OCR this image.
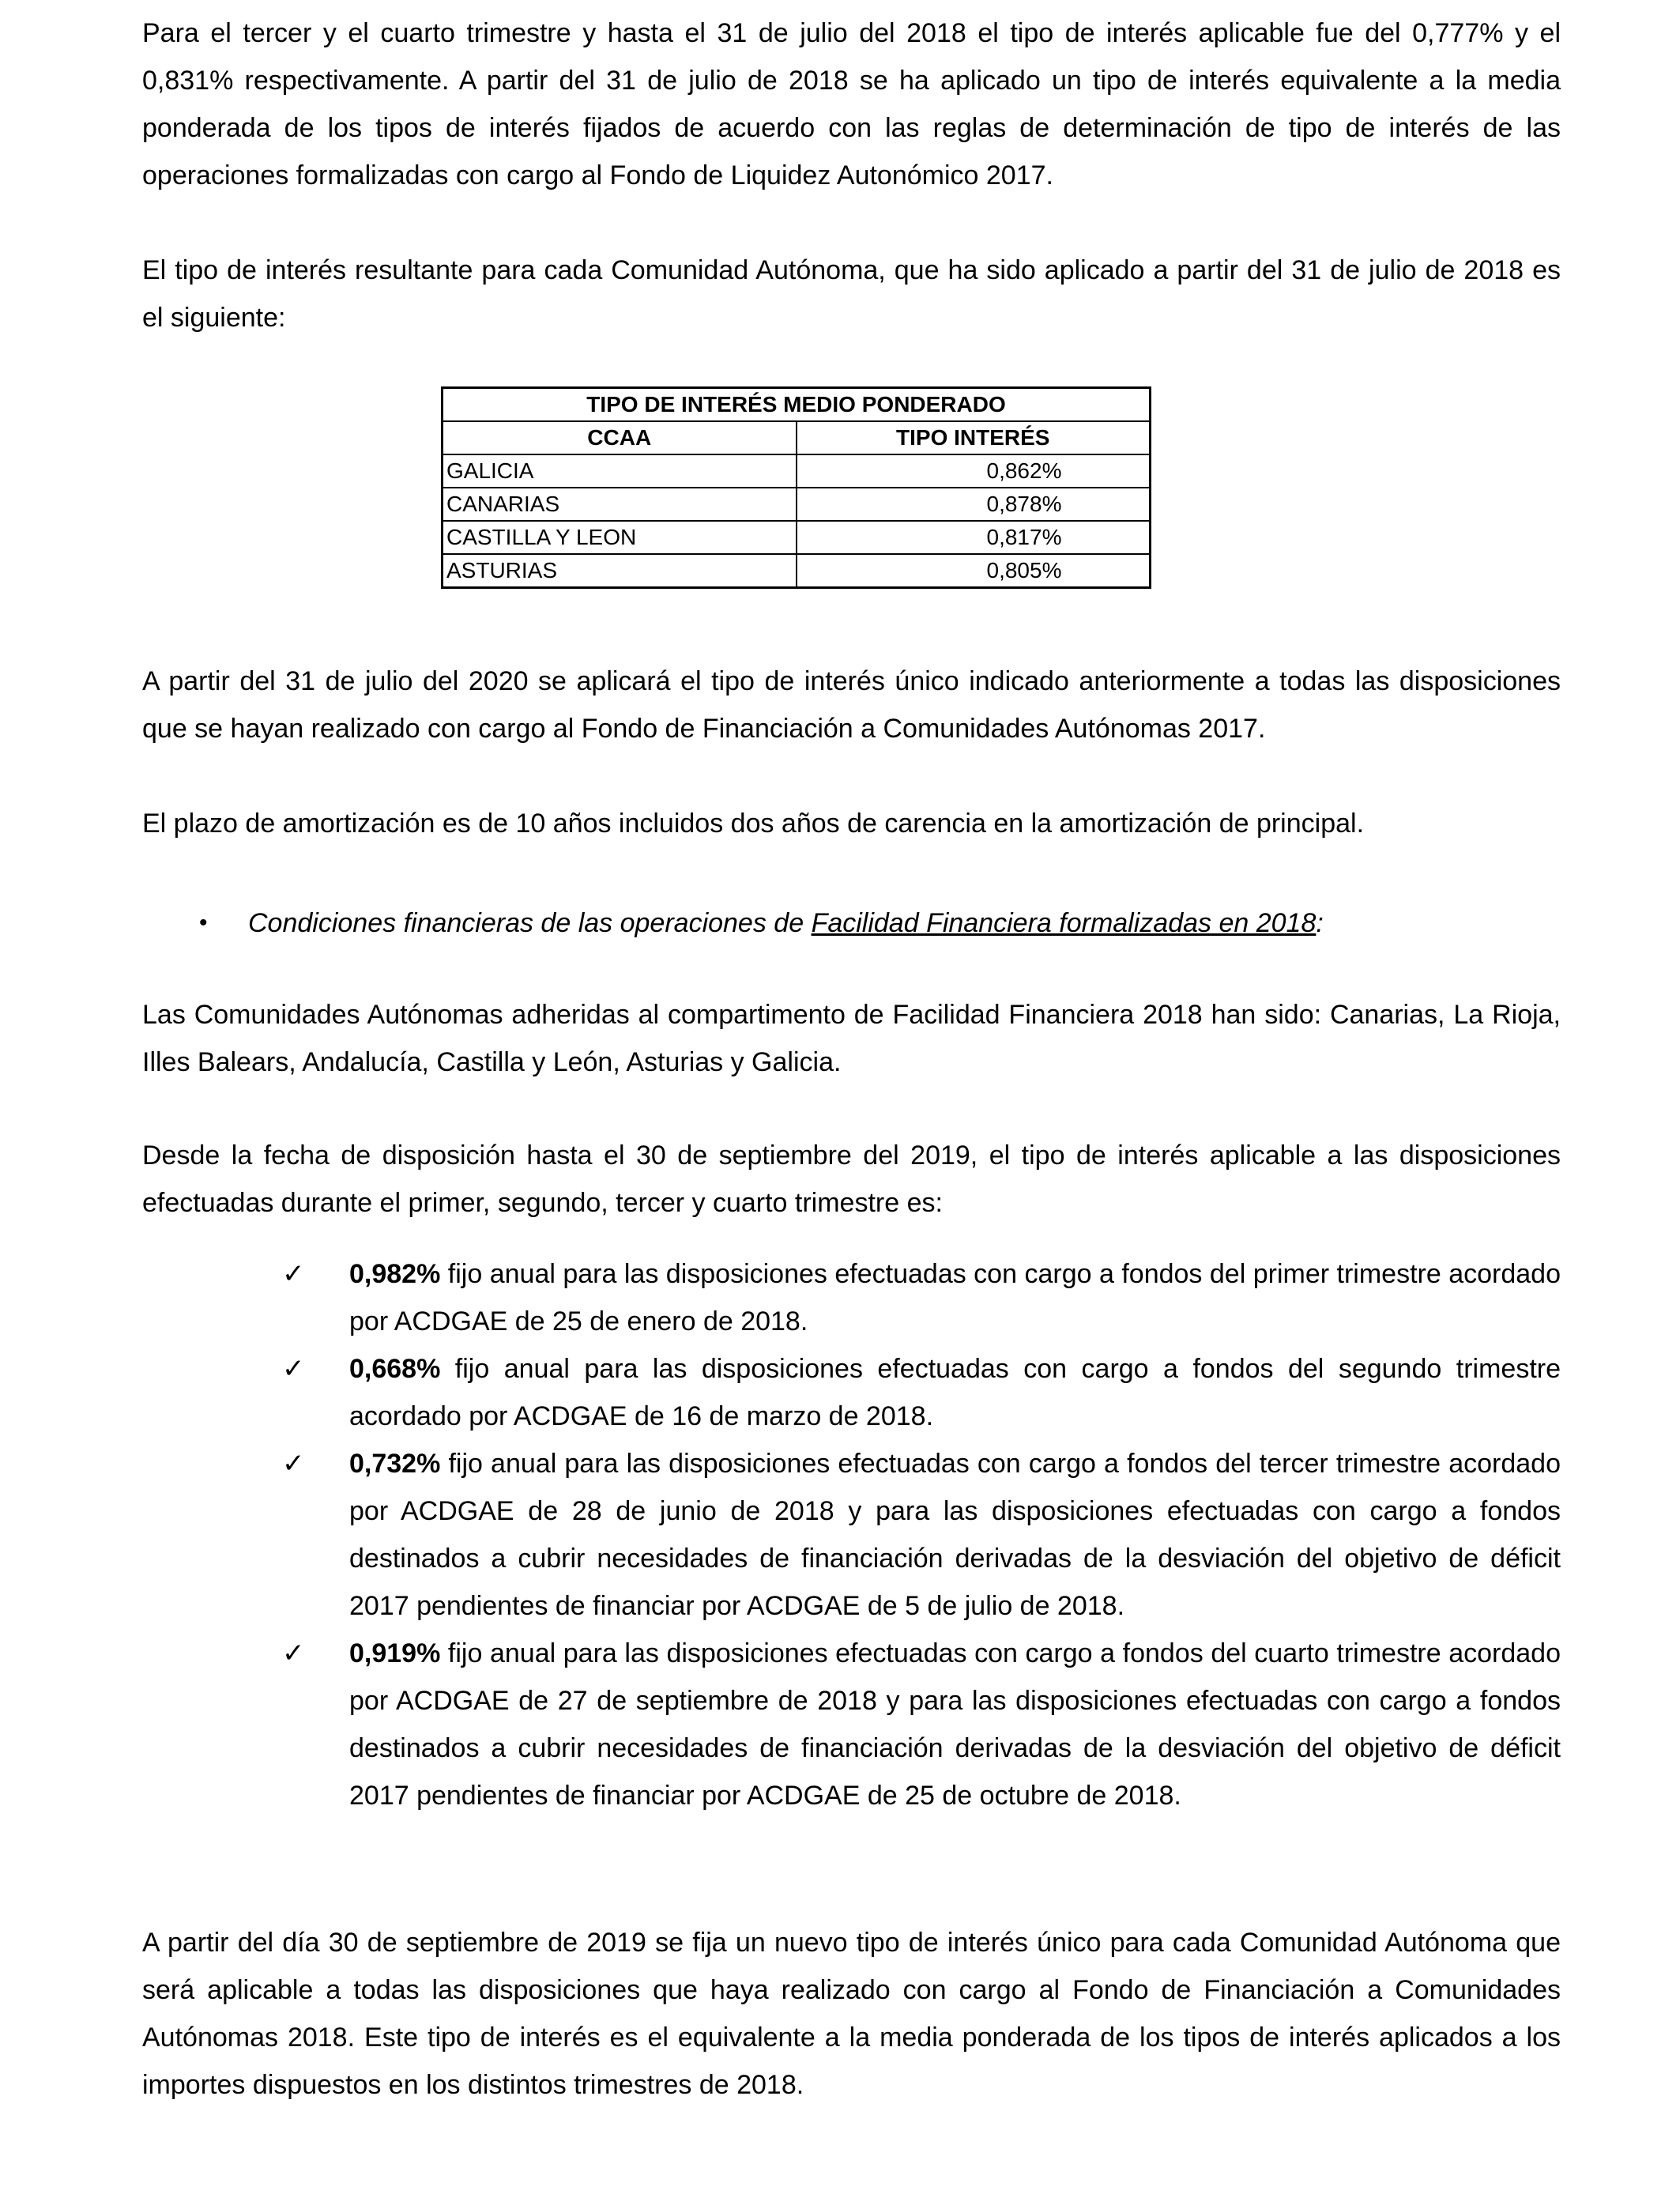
Para el tercer y el cuarto trimestre y hasta el 31 de julio del 2018 el tipo de interés aplicable fue del 0,777% y el 0,831% respectivamente. A partir del 31 de julio de 2018 se ha aplicado un tipo de interés equivalente a la media ponderada de los tipos de interés fijados de acuerdo con las reglas de determinación de tipo de interés de las operaciones formalizadas con cargo al Fondo de Liquidez Autonómico 2017.

El tipo de interés resultante para cada Comunidad Autónoma, que ha sido aplicado a partir del 31 de julio de 2018 es el siguiente:

TIPO DE INTERÉS MEDIO PONDERADO	
CCAA	TIPO INTERÉS
GALICIA	0,862%
CANARIAS	0,878%
CASTILLA Y LEON	0,817%
ASTURIAS	0,805%

A partir del 31 de julio del 2020 se aplicará el tipo de interés único indicado anteriormente a todas las disposiciones que se hayan realizado con cargo al Fondo de Financiación a Comunidades Autónomas 2017.

El plazo de amortización es de 10 años incluidos dos años de carencia en la amortización de principal.

• Condiciones financieras de las operaciones de Facilidad Financiera formalizadas en 2018:

Las Comunidades Autónomas adheridas al compartimento de Facilidad Financiera 2018 han sido: Canarias, La Rioja, Illes Balears, Andalucía, Castilla y León, Asturias y Galicia.

Desde la fecha de disposición hasta el 30 de septiembre del 2019, el tipo de interés aplicable a las disposiciones efectuadas durante el primer, segundo, tercer y cuarto trimestre es:

✓	0,982% fijo anual para las disposiciones efectuadas con cargo a fondos del primer trimestre acordado por ACDGAE de 25 de enero de 2018.
✓	0,668% fijo anual para las disposiciones efectuadas con cargo a fondos del segundo trimestre acordado por ACDGAE de 16 de marzo de 2018.
✓	0,732% fijo anual para las disposiciones efectuadas con cargo a fondos del tercer trimestre acordado por ACDGAE de 28 de junio de 2018 y para las disposiciones efectuadas con cargo a fondos destinados a cubrir necesidades de financiación derivadas de la desviación del objetivo de déficit 2017 pendientes de financiar por ACDGAE de 5 de julio de 2018.
✓	0,919% fijo anual para las disposiciones efectuadas con cargo a fondos del cuarto trimestre acordado por ACDGAE de 27 de septiembre de 2018 y para las disposiciones efectuadas con cargo a fondos destinados a cubrir necesidades de financiación derivadas de la desviación del objetivo de déficit 2017 pendientes de financiar por ACDGAE de 25 de octubre de 2018.

A partir del día 30 de septiembre de 2019 se fija un nuevo tipo de interés único para cada Comunidad Autónoma que será aplicable a todas las disposiciones que haya realizado con cargo al Fondo de Financiación a Comunidades Autónomas 2018. Este tipo de interés es el equivalente a la media ponderada de los tipos de interés aplicados a los importes dispuestos en los distintos trimestres de 2018.
